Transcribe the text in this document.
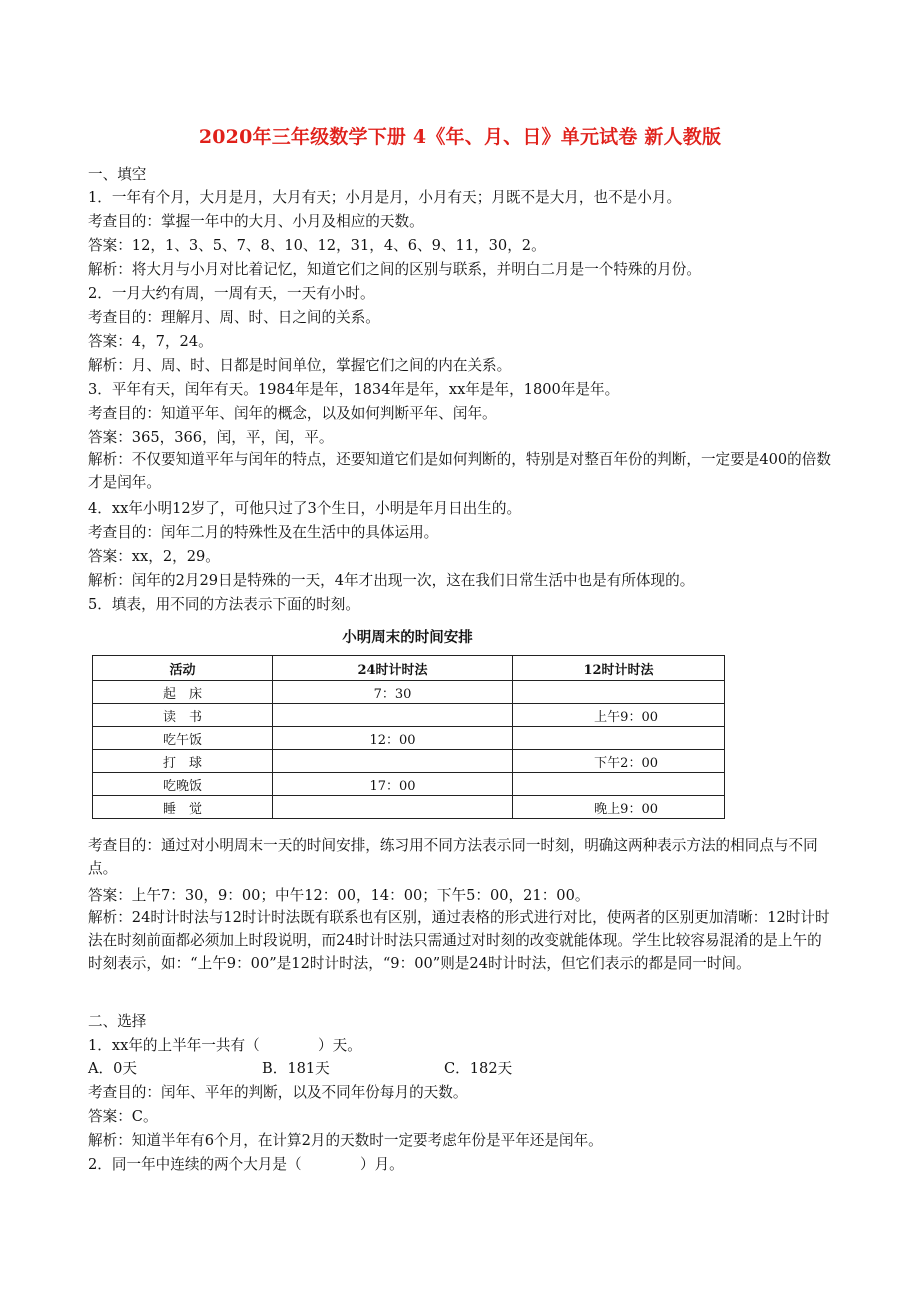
2020年三年级数学下册 4《年、月、日》单元试卷 新人教版
一、填空
1．一年有个月，大月是月，大月有天；小月是月，小月有天；月既不是大月，也不是小月。
考查目的：掌握一年中的大月、小月及相应的天数。
答案：12，1、3、5、7、8、10、12，31，4、6、9、11，30，2。
解析：将大月与小月对比着记忆，知道它们之间的区别与联系，并明白二月是一个特殊的月份。
2．一月大约有周，一周有天，一天有小时。
考查目的：理解月、周、时、日之间的关系。
答案：4，7，24。
解析：月、周、时、日都是时间单位，掌握它们之间的内在关系。
3．平年有天，闰年有天。1984年是年，1834年是年，xx年是年，1800年是年。
考查目的：知道平年、闰年的概念，以及如何判断平年、闰年。
答案：365，366，闰，平，闰，平。
解析：不仅要知道平年与闰年的特点，还要知道它们是如何判断的，特别是对整百年份的判断，一定要是400的倍数才是闰年。
4．xx年小明12岁了，可他只过了3个生日，小明是年月日出生的。
考查目的：闰年二月的特殊性及在生活中的具体运用。
答案：xx，2，29。
解析：闰年的2月29日是特殊的一天，4年才出现一次，这在我们日常生活中也是有所体现的。
5．填表，用不同的方法表示下面的时刻。
小明周末的时间安排
活动	24时计时法	12时计时法
起　床	7：30	
读　书		上午9：00
吃午饭	12：00	
打　球		下午2：00
吃晚饭	17：00	
睡　觉		晚上9：00
考查目的：通过对小明周末一天的时间安排，练习用不同方法表示同一时刻，明确这两种表示方法的相同点与不同点。
答案：上午7：30，9：00；中午12：00，14：00；下午5：00，21：00。
解析：24时计时法与12时计时法既有联系也有区别，通过表格的形式进行对比，使两者的区别更加清晰：12时计时法在时刻前面都必须加上时段说明，而24时计时法只需通过对时刻的改变就能体现。学生比较容易混淆的是上午的时刻表示，如：“上午9：00”是12时计时法，“9：00”则是24时计时法，但它们表示的都是同一时间。
二、选择
1．xx年的上半年一共有（　　　　）天。
A．0天	B．181天	C．182天
考查目的：闰年、平年的判断，以及不同年份每月的天数。
答案：C。
解析：知道半年有6个月，在计算2月的天数时一定要考虑年份是平年还是闰年。
2．同一年中连续的两个大月是（　　　　）月。
